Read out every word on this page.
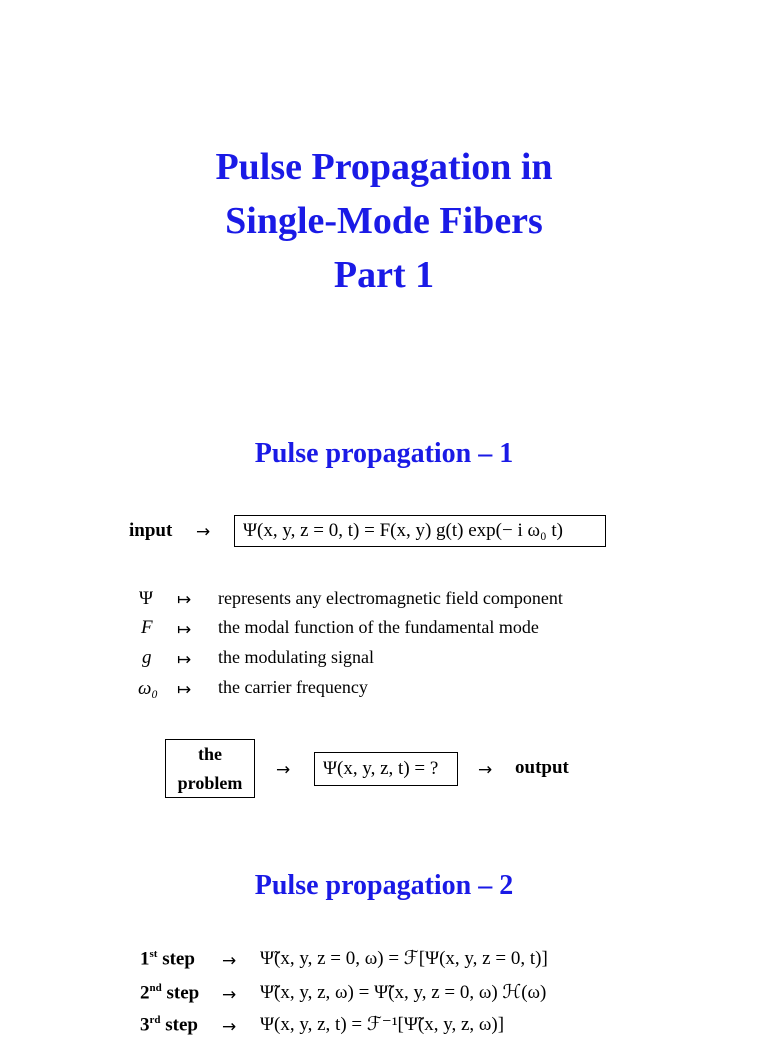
Pulse Propagation in
Single-Mode Fibers
Part 1
Pulse propagation – 1
input →	Ψ(x, y, z = 0, t) = F(x, y) g(t) exp(− i ω₀ t)
Ψ ↦ represents any electromagnetic field component
F ↦ the modal function of the fundamental mode
g ↦ the modulating signal
ω₀ ↦ the carrier frequency
the
problem
→	Ψ(x, y, z, t) = ?	→ output
Pulse propagation – 2
1st step → Ψ̃(x, y, z = 0, ω) = ℱ[Ψ(x, y, z = 0, t)]
2nd step → Ψ̃(x, y, z, ω) = Ψ̃(x, y, z = 0, ω) ℋ(ω)
3rd step → Ψ(x, y, z, t) = ℱ⁻¹[Ψ̃(x, y, z, ω)]
